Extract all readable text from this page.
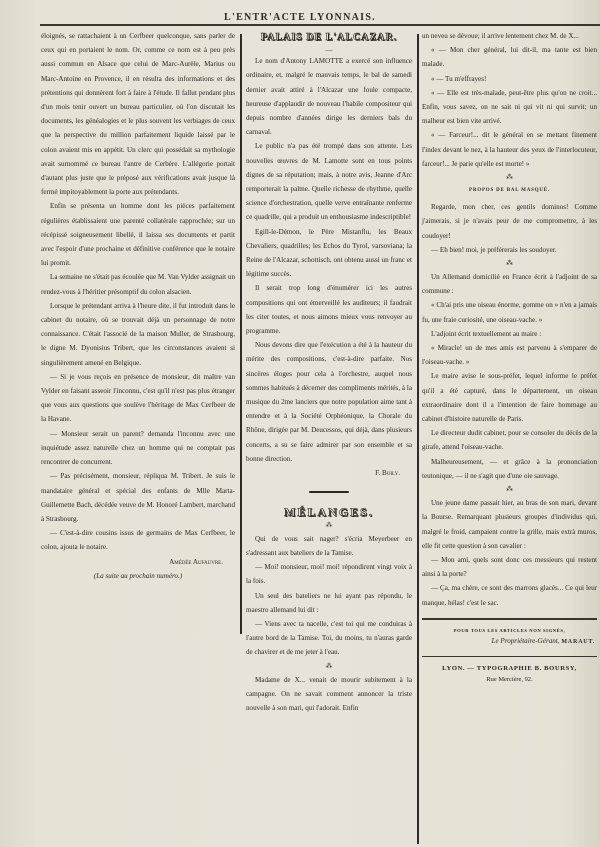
L'ENTR'ACTE LYONNAIS.

éloignés, se rattachaient à un Cerfbeer quelconque, sans parler de ceux qui en portaient le nom. Or, comme ce nom est à peu près aussi commun en Alsace que celui de Marc-Aurèle, Marius ou Marc-Antoine en Provence, il en résulta des informations et des prétentions qui donnèrent fort à faire à l'étude. Il fallut pendant plus d'un mois tenir ouvert un bureau particulier, où l'on discutait les documents, les généalogies et le plus souvent les verbiages de ceux que la perspective du million parfaitement liquide laissé par le colon avaient mis en appétit. Un clerc qui possédait sa mythologie avait surnommé ce bureau l'antre de Cerbère. L'allégorie portait d'autant plus juste que le préposé aux vérifications avait jusque là fermé impitoyablement la porte aux prétendants.

Enfin se présenta un homme dont les pièces parfaitement régulières établissaient une parenté collatérale rapprochée; sur un récépissé soigneusement libellé, il laissa ses documents et partit avec l'espoir d'une prochaine et définitive conférence que le notaire lui promit.

La semaine ne s'était pas écoulée que M. Van Vylder assignait un rendez-vous à l'héritier présomptif du colon alsacien.

Lorsque le prétendant arriva à l'heure dite, il fut introduit dans le cabinet du notaire, où se trouvait déjà un personnage de notre connaissance. C'était l'associé de la maison Muller, de Strasbourg, le digne M. Dyonisius Tribert, que les circonstances avaient si singulièrement amené en Belgique.

— Si je vous reçois en présence de monsieur, dit maître van Vylder en faisant asseoir l'inconnu, c'est qu'il n'est pas plus étranger que vous aux questions que soulève l'héritage de Max Cerfbeer de la Havane.

— Monsieur serait un parent? demanda l'inconnu avec une inquiétude assez naturelle chez un homme qui ne comptait pas rencontrer de concurrent.

— Pas précisément, monsieur, répliqua M. Tribert. Je suis le mandataire général et spécial des enfants de Mlle Marta-Guillemette Bach, décédée veuve de M. Honoré Lambert, marchand à Strasbourg.

— C'est-à-dire cousins issus de germains de Max Cerfbeer, le colon, ajouta le notaire.

Amédée Aufauvre.
(La suite au prochain numéro.)
PALAIS DE L'ALCAZAR.
—

Le nom d'Antony LAMOTTE a exercé son influence ordinaire, et, malgré le mauvais temps, le bal de samedi dernier avait attiré à l'Alcazar une foule compacte, heureuse d'applaudir de nouveau l'habile compositeur qui depuis nombre d'années dirige les derniers bals du carnaval.

Le public n'a pas été trompé dans son attente. Les nouvelles œuvres de M. Lamotte sont en tous points dignes de sa réputation; mais, à notre avis, Jeanne d'Arc remporterait la palme. Quelle richesse de rhythme, quelle science d'orchestration, quelle verve entraînante renferme ce quadrille, qui a produit un enthousiasme indescriptible!

Egill-le-Démon, le Père Mistanflu, les Beaux Chevaliers, quadrilles; les Echos du Tyrol, varsoviana; la Reine de l'Alcazar, schottisch, ont obtenu aussi un franc et légitime succès.

Il serait trop long d'énumérer ici les autres compositions qui ont émerveillé les auditeurs; il faudrait les citer toutes, et nous aimons mieux vous renvoyer au programme.

Nous devons dire que l'exécution a été à la hauteur du mérite des compositions, c'est-à-dire parfaite. Nos sincères éloges pour cela à l'orchestre, auquel nous sommes habitués à décerner des compliments mérités, à la musique du 2me lanciers que notre population aime tant à entendre et à la Société Orphéonique, la Chorale du Rhône, dirigée par M. Deucessos, qui déjà, dans plusieurs concerts, a su se faire admirer par son ensemble et sa bonne direction.

F. Boily.
MÉLANGES.
⁂

Qui de vous sait nager? s'écria Meyerbeer en s'adressant aux bateliers de la Tamise.

— Moi! monsieur, moi! moi! répondirent vingt voix à la fois.

Un seul des bateliers ne lui ayant pas répondu, le maestro allemand lui dit :

— Viens avec ta nacelle, c'est toi qui me conduiras à l'autre bord de la Tamise. Toi, du moins, tu n'auras garde de chavirer et de me jeter à l'eau.

⁂

Madame de X... venait de mourir subitement à la campagne. On ne savait comment annoncer la triste nouvelle à son mari, qui l'adorait. Enfin

un neveu se dévoue; il arrive lentement chez M. de X...

« — Mon cher général, lui dit-il, ma tante est bien malade.

« — Tu m'effrayes!

« — Elle est très-malade, peut-être plus qu'on ne croit... Enfin, vous savez, on ne sait ni qui vit ni qui survit; un malheur est bien vite arrivé.

« — Farceur!... dit le général en se mettant finement l'index devant le nez, à la hauteur des yeux de l'interlocuteur, farceur!... Je parie qu'elle est morte! »

⁂
PROPOS DE BAL MASQUÉ.

Regarde, mon cher, ces gentils dominos! Comme j'aimerais, si je n'avais peur de me compromettre, à les coudoyer!

— Eh bien! moi, je préférerais les soudoyer.

⁂

Un Allemand domicilié en France écrit à l'adjoint de sa commune :

« Ch'ai pris une oiseau énorme, gomme on » n'en a jamais fu, une fraie curiosité, une oiseau-vache. »

L'adjoint écrit textuellement au maire :

« Miracle! un de mes amis est parvenu à s'emparer de l'oiseau-vache. »

Le maire avise le sous-préfet, lequel informe le préfet qu'il a été capturé, dans le département, un oiseau extraordinaire dont il a l'intention de faire hommage au cabinet d'histoire naturelle de Paris.

Le directeur dudit cabinet, pour se consoler du décès de la girafe, attend l'oiseau-vache.

Malheureusement, — et grâce à la prononciation teutonique, — il ne s'agit que d'une oie sauvage.

⁂

Une jeune dame passait hier, au bras de son mari, devant la Bourse. Remarquant plusieurs groupes d'individus qui, malgré le froid, campaient contre la grille, mais extrà muros, elle fit cette question à son cavalier :

— Mon ami, quels sont donc ces messieurs qui restent ainsi à la porte?

— Ça, ma chère, ce sont des marrons glacés... Ce qui leur manque, hélas! c'est le sac.

POUR TOUS LES ARTICLES NON SIGNÉS,
Le Propriétaire-Gérant, MARAUT.
LYON. — TYPOGRAPHIE B. BOURSY,
Rue Mercière, 92.
